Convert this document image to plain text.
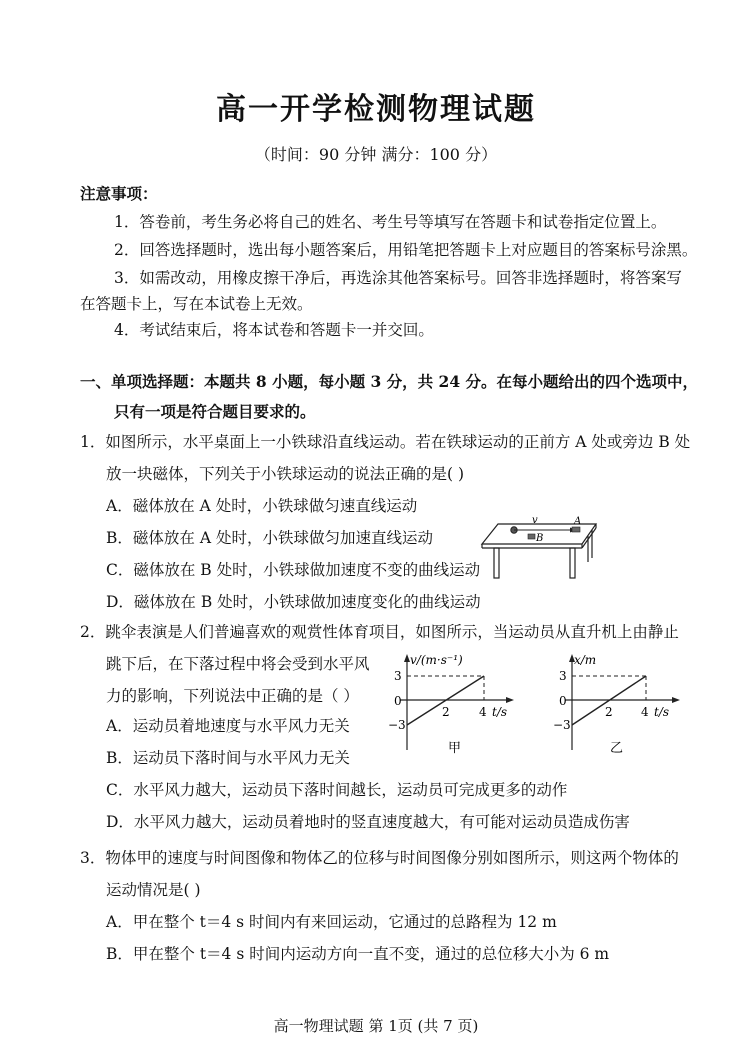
高一开学检测物理试题
（时间：90 分钟 满分：100 分）
注意事项：
1．答卷前，考生务必将自己的姓名、考生号等填写在答题卡和试卷指定位置上。
2．回答选择题时，选出每小题答案后，用铅笔把答题卡上对应题目的答案标号涂黑。
3．如需改动，用橡皮擦干净后，再选涂其他答案标号。回答非选择题时，将答案写
在答题卡上，写在本试卷上无效。
4．考试结束后，将本试卷和答题卡一并交回。
一、单项选择题：本题共 8 小题，每小题 3 分，共 24 分。在每小题给出的四个选项中，
只有一项是符合题目要求的。
1．如图所示，水平桌面上一小铁球沿直线运动。若在铁球运动的正前方 A 处或旁边 B 处
放一块磁体，下列关于小铁球运动的说法正确的是( )
A．磁体放在 A 处时，小铁球做匀速直线运动
B．磁体放在 A 处时，小铁球做匀加速直线运动
C．磁体放在 B 处时，小铁球做加速度不变的曲线运动
D．磁体放在 B 处时，小铁球做加速度变化的曲线运动
v	A
B
2．跳伞表演是人们普遍喜欢的观赏性体育项目，如图所示，当运动员从直升机上由静止
跳下后，在下落过程中将会受到水平风
力的影响，下列说法中正确的是（ ）
A．运动员着地速度与水平风力无关
B．运动员下落时间与水平风力无关
C．水平风力越大，运动员下落时间越长，运动员可完成更多的动作
D．水平风力越大，运动员着地时的竖直速度越大，有可能对运动员造成伤害
v/(m·s⁻¹)
3
0
−3
2 4 t/s
甲
x/m
3
0
−3
2 4 t/s
乙
3．物体甲的速度与时间图像和物体乙的位移与时间图像分别如图所示，则这两个物体的
运动情况是( )
A．甲在整个 t＝4 s 时间内有来回运动，它通过的总路程为 12 m
B．甲在整个 t＝4 s 时间内运动方向一直不变，通过的总位移大小为 6 m
高一物理试题 第 1页 (共 7 页)
